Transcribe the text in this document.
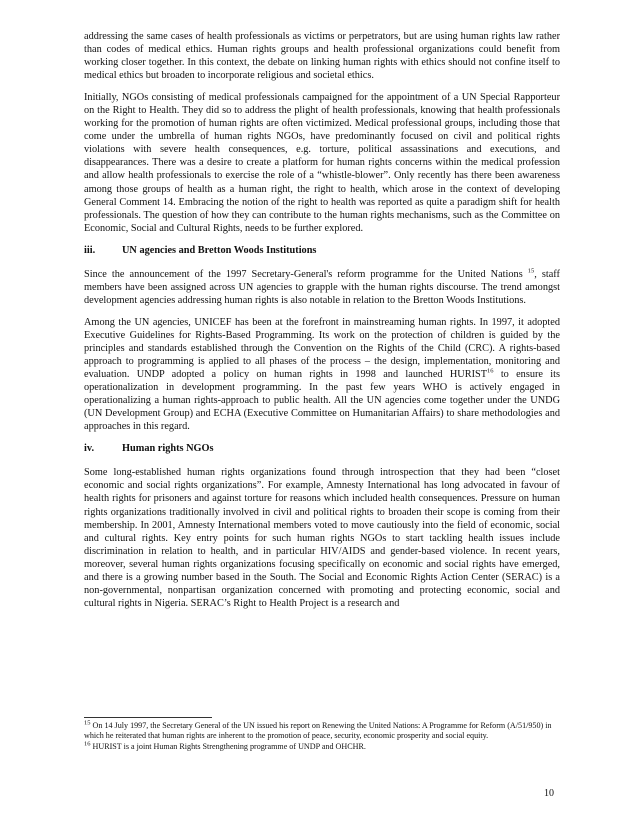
addressing the same cases of health professionals as victims or perpetrators, but are using human rights law rather than codes of medical ethics. Human rights groups and health professional organizations could benefit from working closer together. In this context, the debate on linking human rights with ethics should not confine itself to medical ethics but broaden to incorporate religious and societal ethics.

Initially, NGOs consisting of medical professionals campaigned for the appointment of a UN Special Rapporteur on the Right to Health. They did so to address the plight of health professionals, knowing that health professionals working for the promotion of human rights are often victimized. Medical professional groups, including those that come under the umbrella of human rights NGOs, have predominantly focused on civil and political rights violations with severe health consequences, e.g. torture, political assassinations and executions, and disappearances. There was a desire to create a platform for human rights concerns within the medical profession and allow health professionals to exercise the role of a “whistle-blower”. Only recently has there been awareness among those groups of health as a human right, the right to health, which arose in the context of developing General Comment 14. Embracing the notion of the right to health was reported as quite a paradigm shift for health professionals. The question of how they can contribute to the human rights mechanisms, such as the Committee on Economic, Social and Cultural Rights, needs to be further explored.

iii.	UN agencies and Bretton Woods Institutions

Since the announcement of the 1997 Secretary-General's reform programme for the United Nations $^{15}$, staff members have been assigned across UN agencies to grapple with the human rights discourse. The trend amongst development agencies addressing human rights is also notable in relation to the Bretton Woods Institutions.

Among the UN agencies, UNICEF has been at the forefront in mainstreaming human rights. In 1997, it adopted Executive Guidelines for Rights-Based Programming. Its work on the protection of children is guided by the principles and standards established through the Convention on the Rights of the Child (CRC). A rights-based approach to programming is applied to all phases of the process – the design, implementation, monitoring and evaluation. UNDP adopted a policy on human rights in 1998 and launched HURIST$^{16}$ to ensure its operationalization in development programming. In the past few years WHO is actively engaged in operationalizing a human rights-approach to public health. All the UN agencies come together under the UNDG (UN Development Group) and ECHA (Executive Committee on Humanitarian Affairs) to share methodologies and approaches in this regard.

iv.	Human rights NGOs

Some long-established human rights organizations found through introspection that they had been “closet economic and social rights organizations”. For example, Amnesty International has long advocated in favour of health rights for prisoners and against torture for reasons which included health consequences. Pressure on human rights organizations traditionally involved in civil and political rights to broaden their scope is coming from their membership. In 2001, Amnesty International members voted to move cautiously into the field of economic, social and cultural rights. Key entry points for such human rights NGOs to start tackling health issues include discrimination in relation to health, and in particular HIV/AIDS and gender-based violence. In recent years, moreover, several human rights organizations focusing specifically on economic and social rights have emerged, and there is a growing number based in the South. The Social and Economic Rights Action Center (SERAC) is a non-governmental, nonpartisan organization concerned with promoting and protecting economic, social and cultural rights in Nigeria. SERAC’s Right to Health Project is a research and

$^{15}$ On 14 July 1997, the Secretary General of the UN issued his report on Renewing the United Nations: A Programme for Reform (A/51/950) in which he reiterated that human rights are inherent to the promotion of peace, security, economic prosperity and social equity.

$^{16}$ HURIST is a joint Human Rights Strengthening programme of UNDP and OHCHR.

10
